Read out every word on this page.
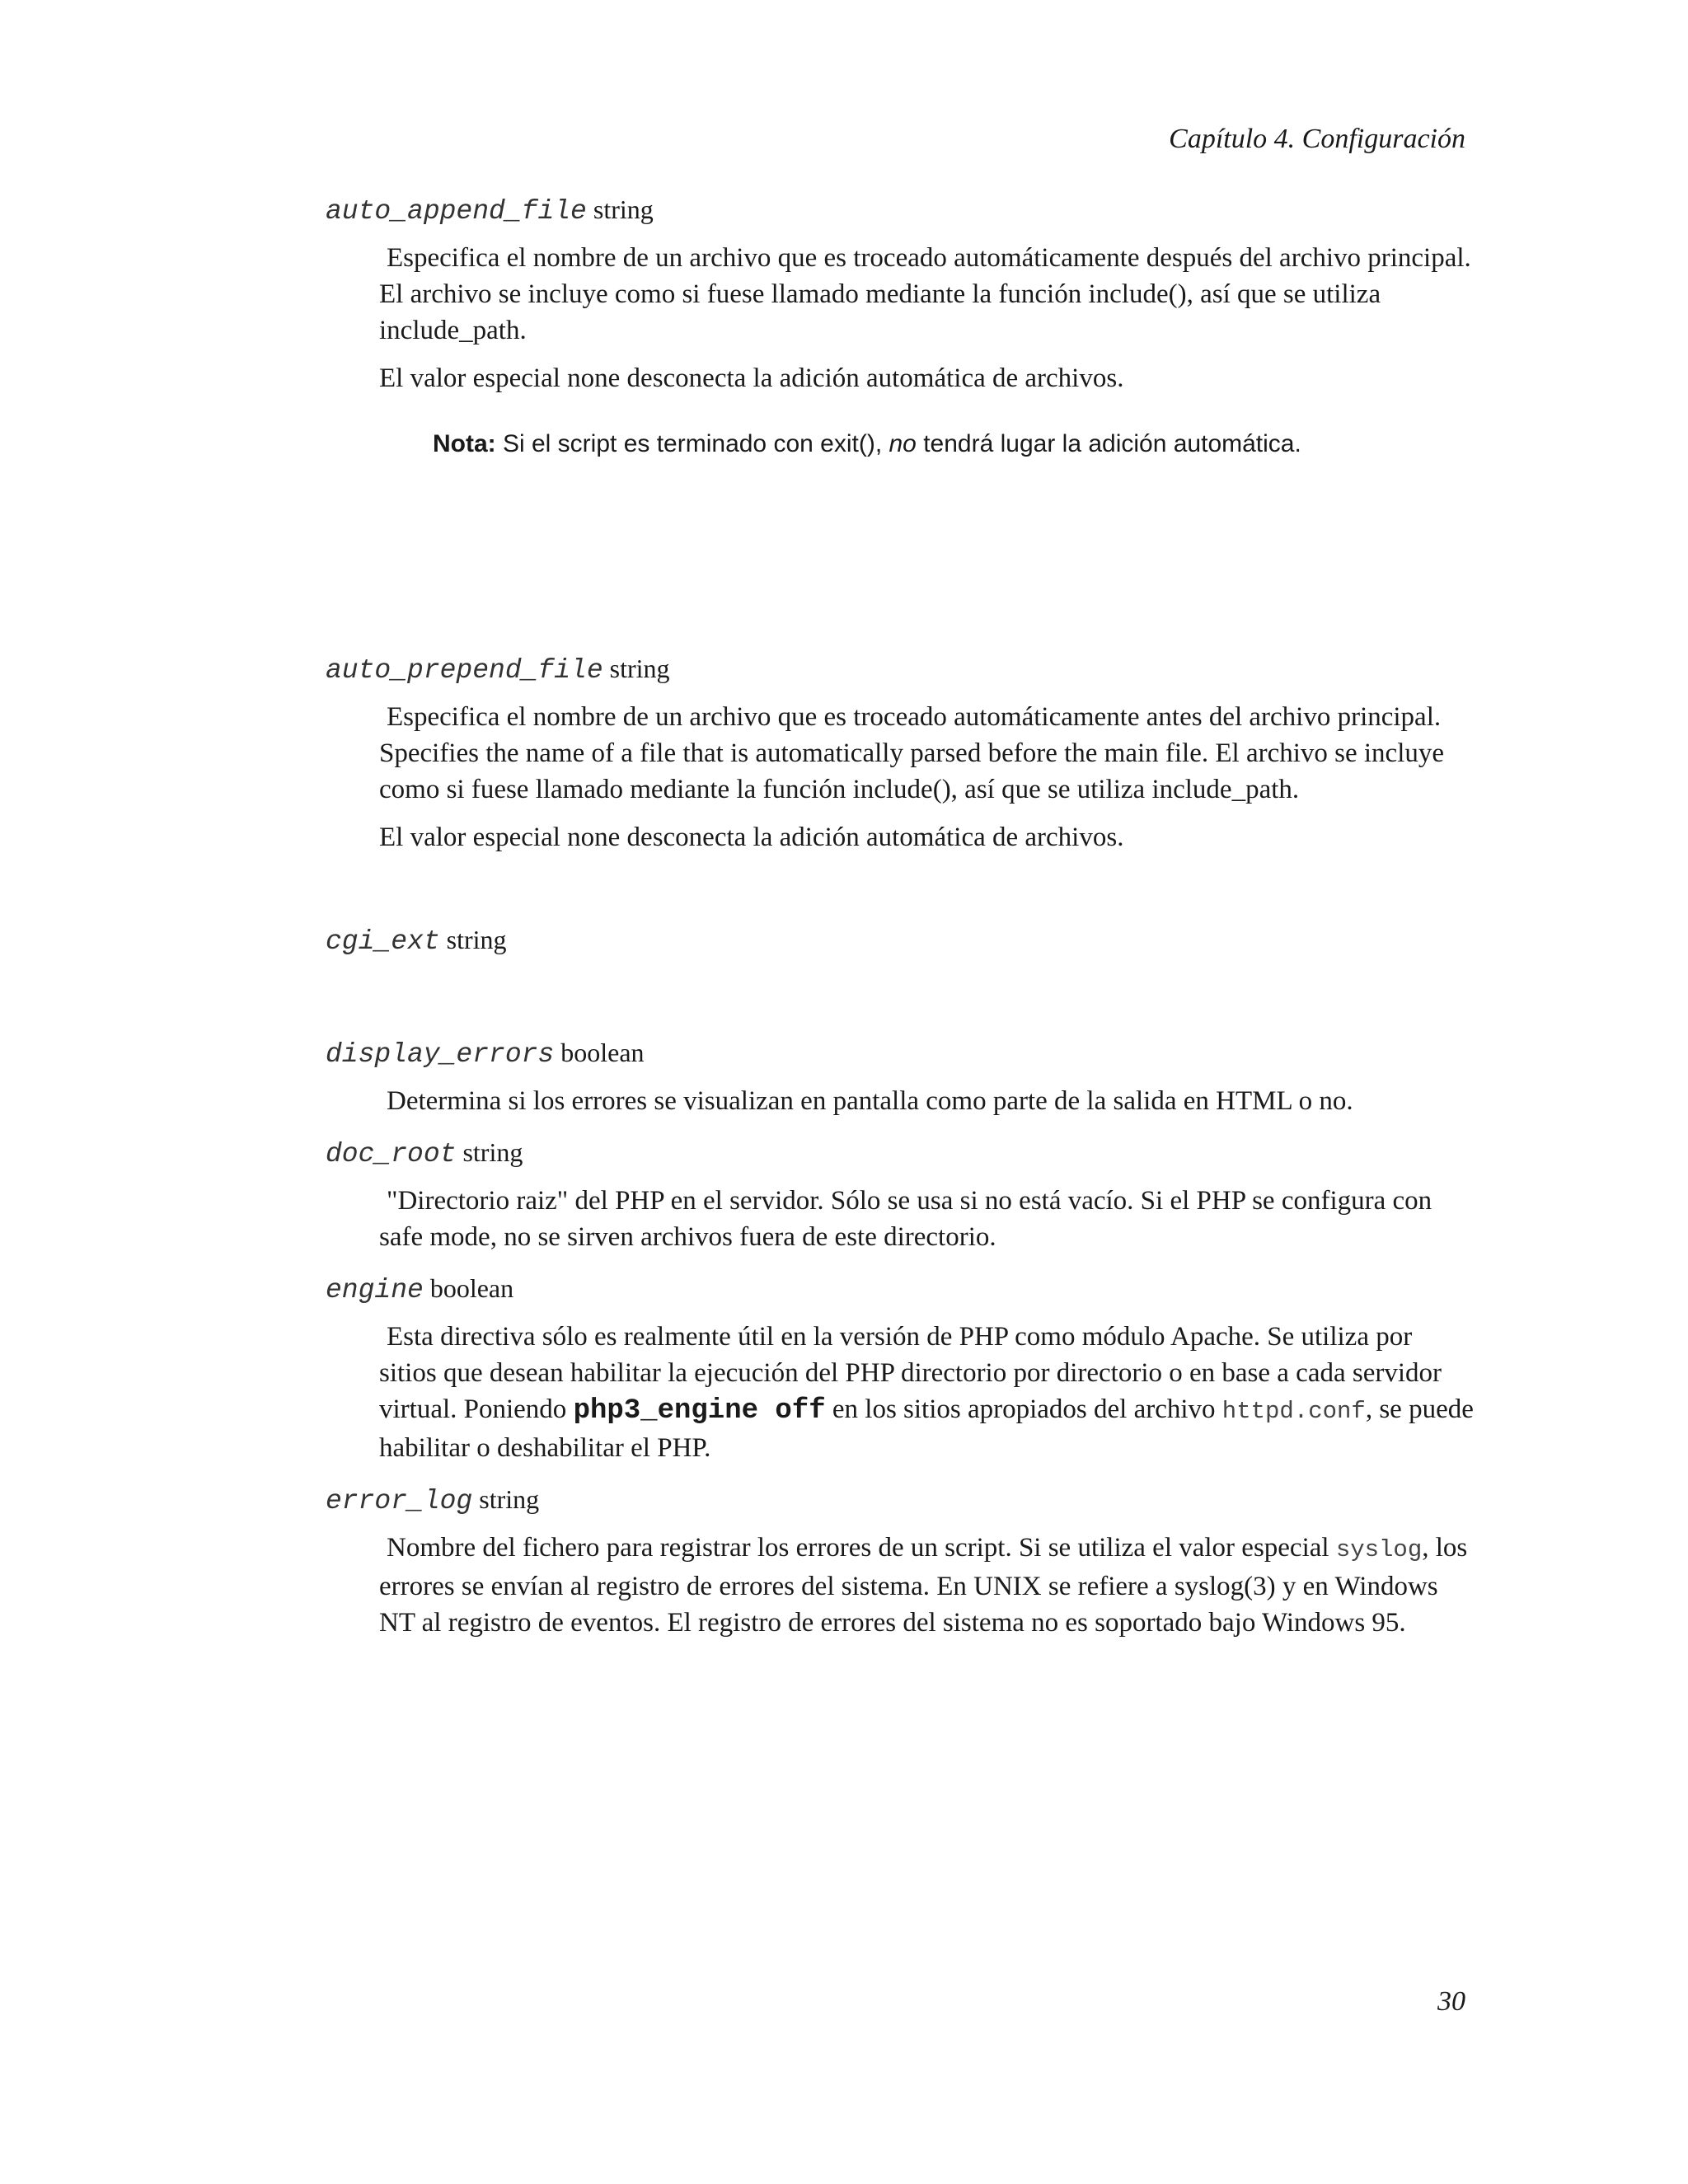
Capítulo 4. Configuración

auto_append_file string

Especifica el nombre de un archivo que es troceado automáticamente después del archivo principal. El archivo se incluye como si fuese llamado mediante la función include(), así que se utiliza include_path.

El valor especial none desconecta la adición automática de archivos.

Nota: Si el script es terminado con exit(), no tendrá lugar la adición automática.

auto_prepend_file string

Especifica el nombre de un archivo que es troceado automáticamente antes del archivo principal. Specifies the name of a file that is automatically parsed before the main file. El archivo se incluye como si fuese llamado mediante la función include(), así que se utiliza include_path.

El valor especial none desconecta la adición automática de archivos.

cgi_ext string

display_errors boolean

Determina si los errores se visualizan en pantalla como parte de la salida en HTML o no.

doc_root string

"Directorio raiz" del PHP en el servidor. Sólo se usa si no está vacío. Si el PHP se configura con safe mode, no se sirven archivos fuera de este directorio.

engine boolean

Esta directiva sólo es realmente útil en la versión de PHP como módulo Apache. Se utiliza por sitios que desean habilitar la ejecución del PHP directorio por directorio o en base a cada servidor virtual. Poniendo php3_engine off en los sitios apropiados del archivo httpd.conf, se puede habilitar o deshabilitar el PHP.

error_log string

Nombre del fichero para registrar los errores de un script. Si se utiliza el valor especial syslog, los errores se envían al registro de errores del sistema. En UNIX se refiere a syslog(3) y en Windows NT al registro de eventos. El registro de errores del sistema no es soportado bajo Windows 95.

30
